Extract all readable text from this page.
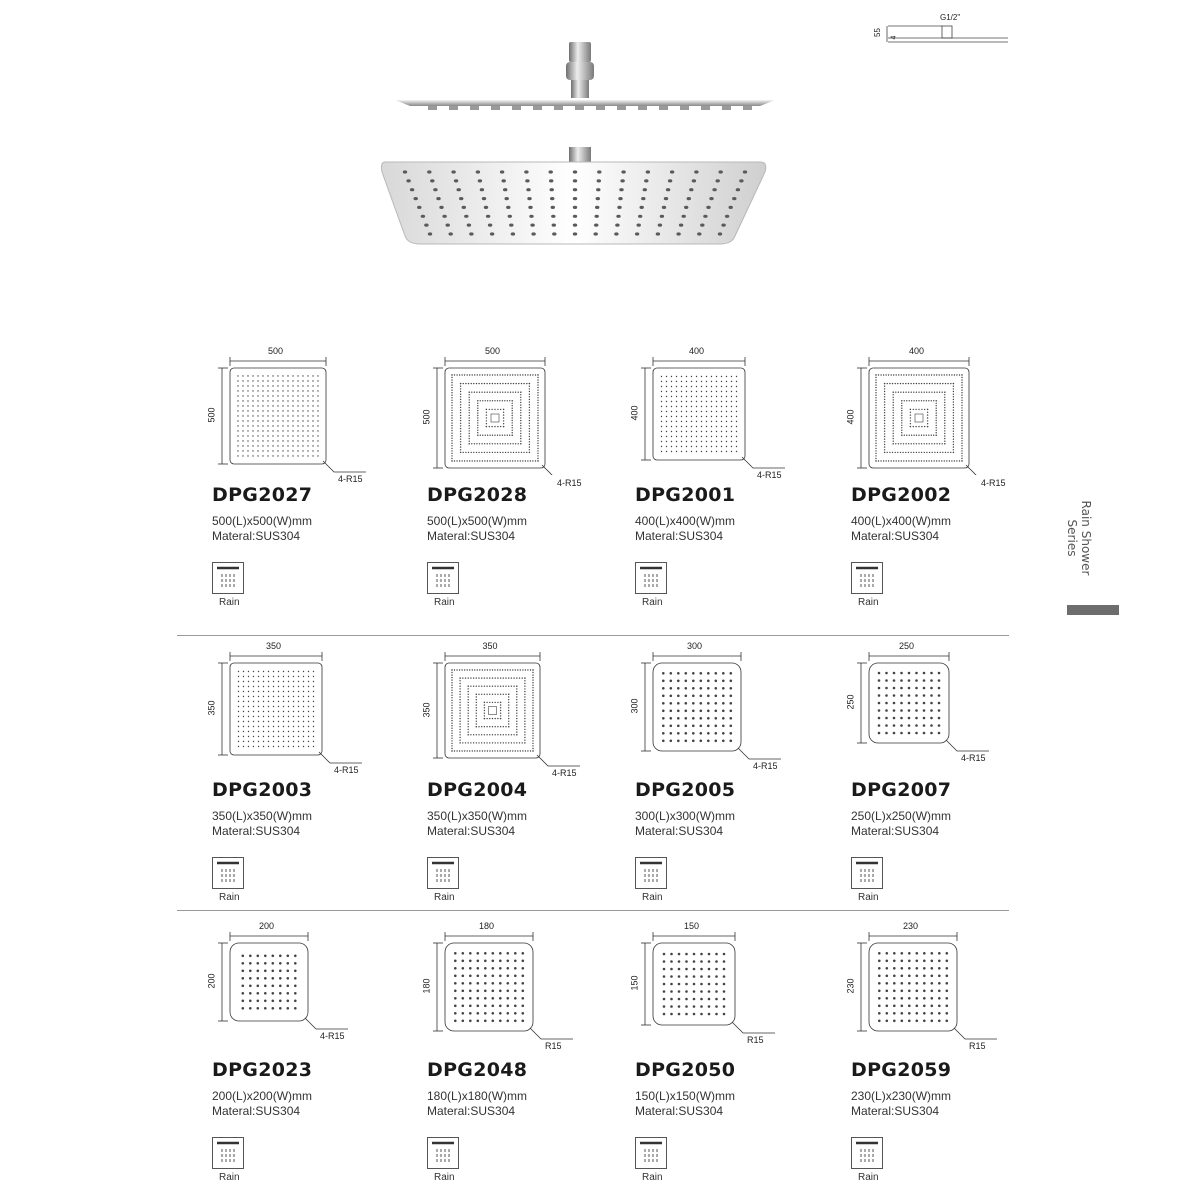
55
4
G1/2"
Rain Shower Series
500
500
4-R15
DPG2027
500(L)x500(W)mm
Materal:SUS304
Rain
500
500
4-R15
DPG2028
500(L)x500(W)mm
Materal:SUS304
Rain
400
400
4-R15
DPG2001
400(L)x400(W)mm
Materal:SUS304
Rain
400
400
4-R15
DPG2002
400(L)x400(W)mm
Materal:SUS304
Rain
350
350
4-R15
DPG2003
350(L)x350(W)mm
Materal:SUS304
Rain
350
350
4-R15
DPG2004
350(L)x350(W)mm
Materal:SUS304
Rain
300
300
4-R15
DPG2005
300(L)x300(W)mm
Materal:SUS304
Rain
250
250
4-R15
DPG2007
250(L)x250(W)mm
Materal:SUS304
Rain
200
200
4-R15
DPG2023
200(L)x200(W)mm
Materal:SUS304
Rain
180
180
R15
DPG2048
180(L)x180(W)mm
Materal:SUS304
Rain
150
150
R15
DPG2050
150(L)x150(W)mm
Materal:SUS304
Rain
230
230
R15
DPG2059
230(L)x230(W)mm
Materal:SUS304
Rain
